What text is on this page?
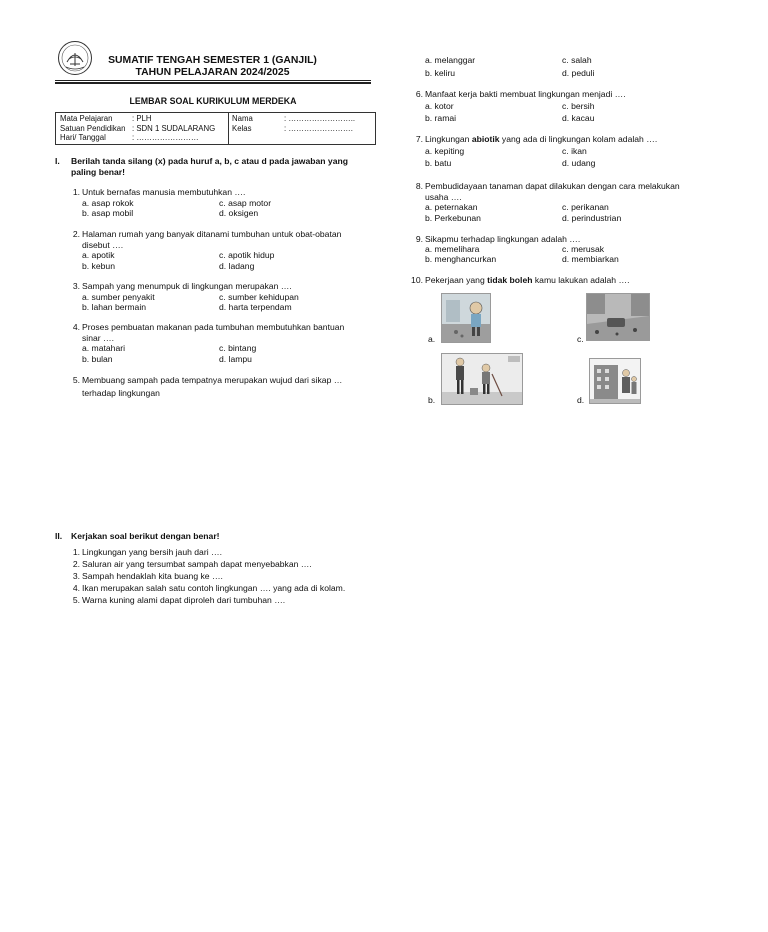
SUMATIF TENGAH SEMESTER 1 (GANJIL)
TAHUN PELAJARAN 2024/2025
LEMBAR SOAL KURIKULUM MERDEKA
Mata Pelajaran	: PLH
Satuan Pendidikan : SDN 1 SUDALARANG
Hari/ Tanggal	: ……………………
Nama	: ……………………..
Kelas	: …………………….
I. Berilah tanda silang (x) pada huruf a, b, c atau d pada jawaban yang
paling benar!
1. Untuk bernafas manusia membutuhkan ….
a. asap rokok
b. asap mobil
c. asap motor
d. oksigen
2. Halaman rumah yang banyak ditanami tumbuhan untuk obat-obatan
disebut ….
a. apotik
b. kebun
c. apotik hidup
d. ladang
3. Sampah yang menumpuk di lingkungan merupakan ….
a. sumber penyakit
b. lahan bermain
c. sumber kehidupan
d. harta terpendam
4. Proses pembuatan makanan pada tumbuhan membutuhkan bantuan
sinar ….
a. matahari
b. bulan
c. bintang
d. lampu
5. Membuang sampah pada tempatnya merupakan wujud dari sikap …
terhadap lingkungan
a. melanggar
b. keliru
c. salah
d. peduli
6. Manfaat kerja bakti membuat lingkungan menjadi ….
a. kotor
b. ramai
c. bersih
d. kacau
7. Lingkungan abiotik yang ada di lingkungan kolam adalah ….
a. kepiting
b. batu
c. ikan
d. udang
8. Pembudidayaan tanaman dapat dilakukan dengan cara melakukan
usaha ….
a. peternakan
b. Perkebunan
c. perikanan
d. perindustrian
9. Sikapmu terhadap lingkungan adalah ….
a. memelihara
b. menghancurkan
c. merusak
d. membiarkan
10. Pekerjaan yang tidak boleh kamu lakukan adalah ….
a.	c.
b.	d.
II. Kerjakan soal berikut dengan benar!
1. Lingkungan yang bersih jauh dari ….
2. Saluran air yang tersumbat sampah dapat menyebabkan ….
3. Sampah hendaklah kita buang ke ….
4. Ikan merupakan salah satu contoh lingkungan …. yang ada di kolam.
5. Warna kuning alami dapat diproleh dari tumbuhan ….
